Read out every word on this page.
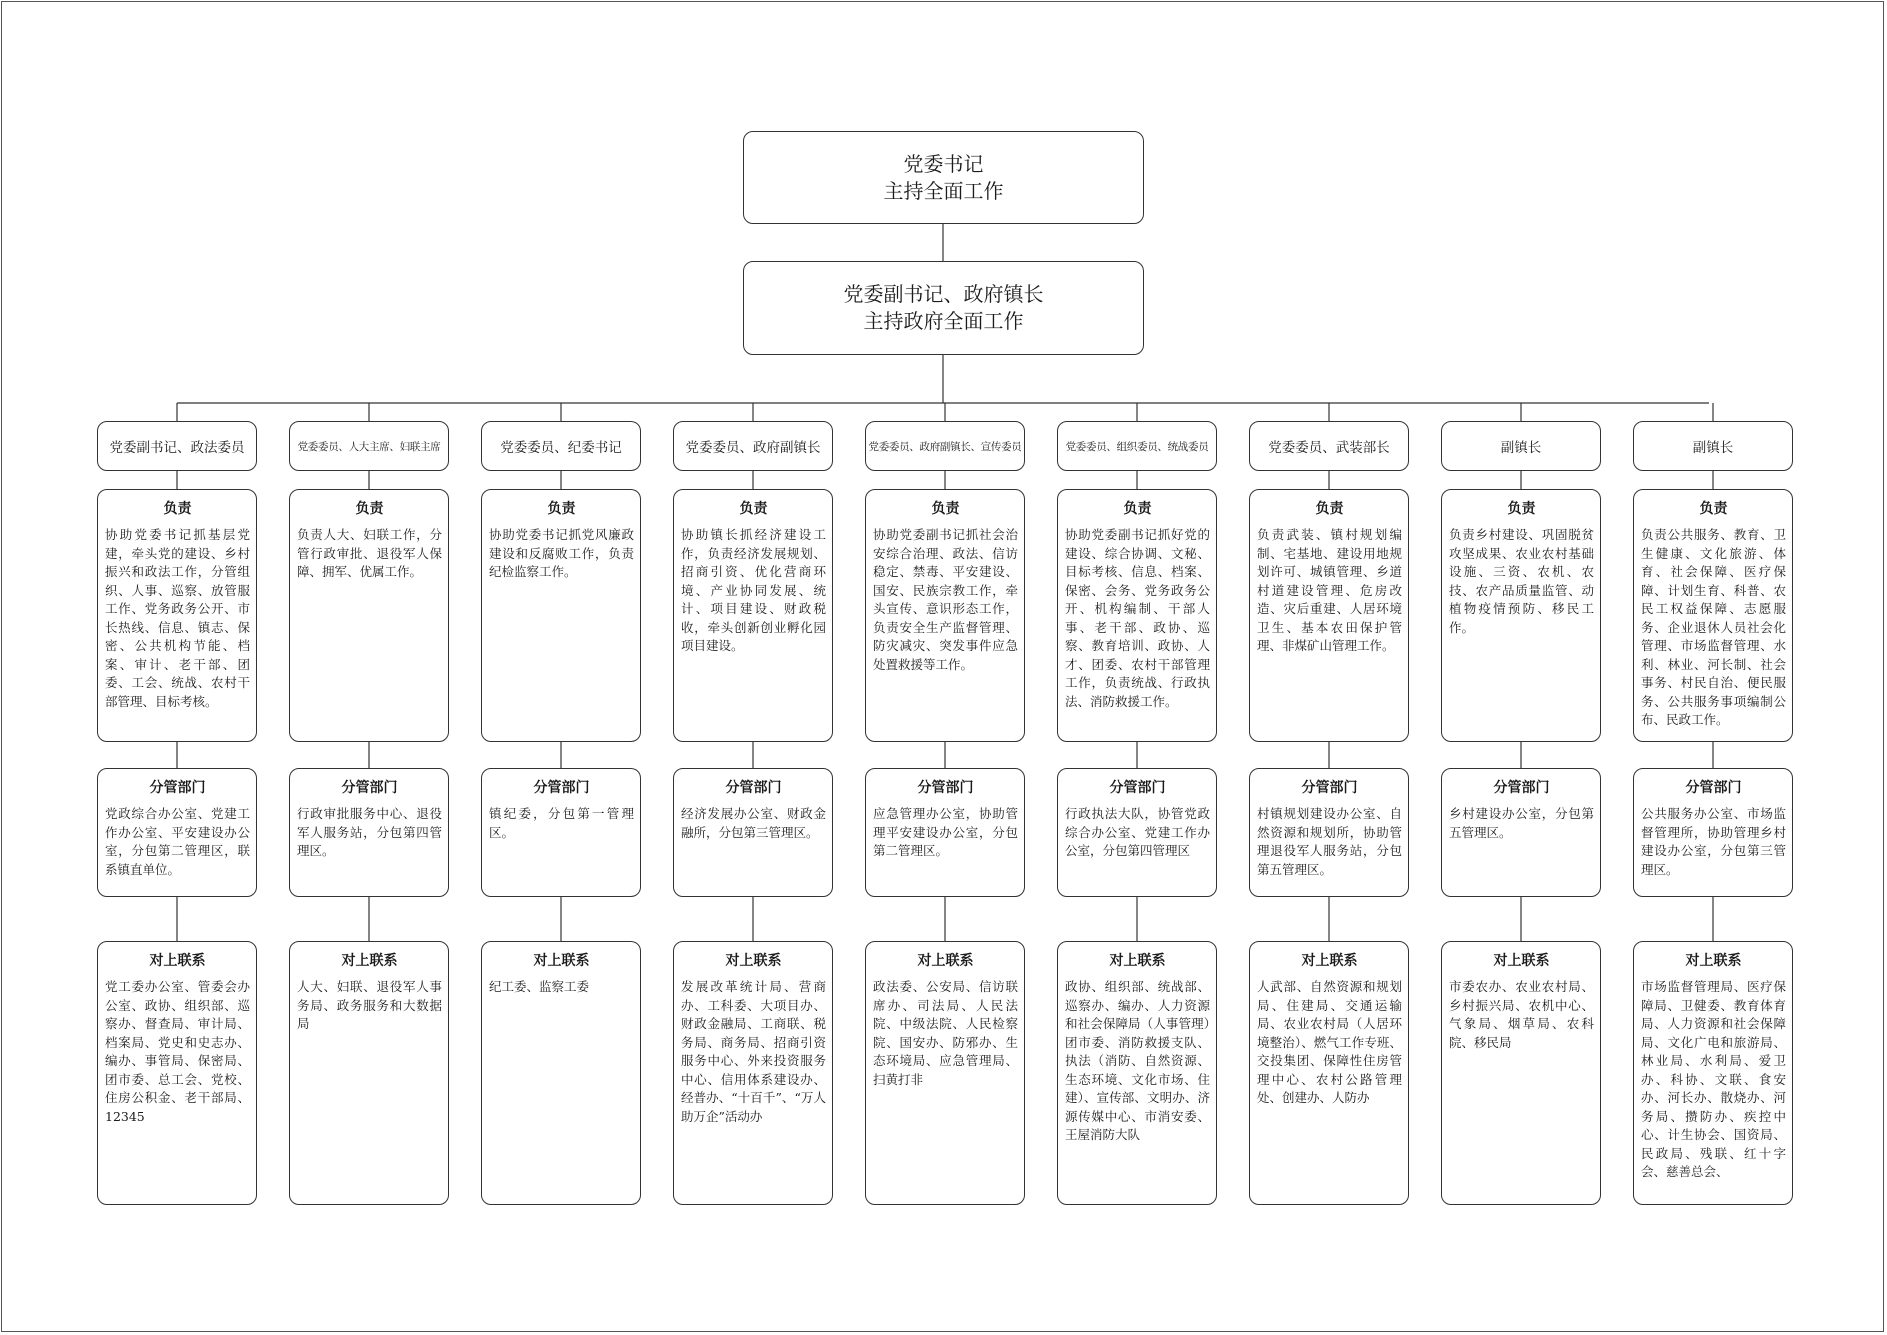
党委书记
主持全面工作
党委副书记、政府镇长
主持政府全面工作
党委副书记、政法委员
负责
协助党委书记抓基层党建，牵头党的建设、乡村振兴和政法工作，分管组织、人事、巡察、放管服工作、党务政务公开、市长热线、信息、镇志、保密、公共机构节能、档案、审计、老干部、团委、工会、统战、农村干部管理、目标考核。
分管部门
党政综合办公室、党建工作办公室、平安建设办公室，分包第二管理区，联系镇直单位。
对上联系
党工委办公室、管委会办公室、政协、组织部、巡察办、督查局、审计局、档案局、党史和史志办、编办、事管局、保密局、团市委、总工会、党校、住房公积金、老干部局、12345
党委委员、人大主席、妇联主席
负责
负责人大、妇联工作，分管行政审批、退役军人保障、拥军、优属工作。
分管部门
行政审批服务中心、退役军人服务站，分包第四管理区。
对上联系
人大、妇联、退役军人事务局、政务服务和大数据局
党委委员、纪委书记
负责
协助党委书记抓党风廉政建设和反腐败工作，负责纪检监察工作。
分管部门
镇纪委，分包第一管理区。
对上联系
纪工委、监察工委
党委委员、政府副镇长
负责
协助镇长抓经济建设工作，负责经济发展规划、招商引资、优化营商环境、产业协同发展、统计、项目建设、财政税收，牵头创新创业孵化园项目建设。
分管部门
经济发展办公室、财政金融所，分包第三管理区。
对上联系
发展改革统计局、营商办、工科委、大项目办、财政金融局、工商联、税务局、商务局、招商引资服务中心、外来投资服务中心、信用体系建设办、经普办、“十百千”、“万人助万企”活动办
党委委员、政府副镇长、宣传委员
负责
协助党委副书记抓社会治安综合治理、政法、信访稳定、禁毒、平安建设、国安、民族宗教工作，牵头宣传、意识形态工作，负责安全生产监督管理、防灾减灾、突发事件应急处置救援等工作。
分管部门
应急管理办公室，协助管理平安建设办公室，分包第二管理区。
对上联系
政法委、公安局、信访联席办、司法局、人民法院、中级法院、人民检察院、国安办、防邪办、生态环境局、应急管理局、扫黄打非
党委委员、组织委员、统战委员
负责
协助党委副书记抓好党的建设、综合协调、文秘、目标考核、信息、档案、保密、会务、党务政务公开、机构编制、干部人事、老干部、政协、巡察、教育培训、政协、人才、团委、农村干部管理工作，负责统战、行政执法、消防救援工作。
分管部门
行政执法大队，协管党政综合办公室、党建工作办公室，分包第四管理区
对上联系
政协、组织部、统战部、巡察办、编办、人力资源和社会保障局（人事管理）团市委、消防救援支队、执法（消防、自然资源、生态环境、文化市场、住建）、宣传部、文明办、济源传媒中心、市消安委、王屋消防大队
党委委员、武装部长
负责
负责武装、镇村规划编制、宅基地、建设用地规划许可、城镇管理、乡道村道建设管理、危房改造、灾后重建、人居环境卫生、基本农田保护管理、非煤矿山管理工作。
分管部门
村镇规划建设办公室、自然资源和规划所，协助管理退役军人服务站，分包第五管理区。
对上联系
人武部、自然资源和规划局、住建局、交通运输局、农业农村局（人居环境整治）、燃气工作专班、交投集团、保障性住房管理中心、农村公路管理处、创建办、人防办
副镇长
负责
负责乡村建设、巩固脱贫攻坚成果、农业农村基础设施、三资、农机、农技、农产品质量监管、动植物疫情预防、移民工作。
分管部门
乡村建设办公室，分包第五管理区。
对上联系
市委农办、农业农村局、乡村振兴局、农机中心、气象局、烟草局、农科院、移民局
副镇长
负责
负责公共服务、教育、卫生健康、文化旅游、体育、社会保障、医疗保障、计划生育、科普、农民工权益保障、志愿服务、企业退休人员社会化管理、市场监督管理、水利、林业、河长制、社会事务、村民自治、便民服务、公共服务事项编制公布、民政工作。
分管部门
公共服务办公室、市场监督管理所，协助管理乡村建设办公室，分包第三管理区。
对上联系
市场监督管理局、医疗保障局、卫健委、教育体育局、人力资源和社会保障局、文化广电和旅游局、林业局、水利局、爱卫办、科协、文联、食安办、河长办、散烧办、河务局、攒防办、疾控中心、计生协会、国资局、民政局、残联、红十字会、慈善总会、
